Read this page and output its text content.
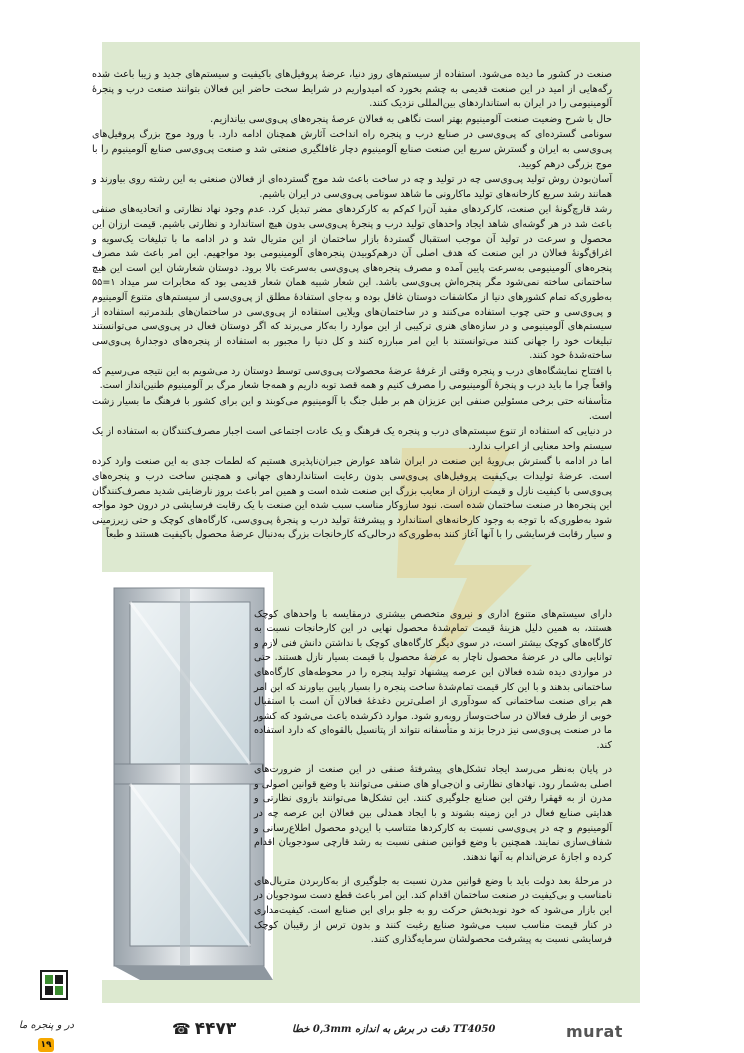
صنعت در کشور ما دیده می‌شود. استفاده از سیستم‌های روز دنیا، عرضهٔ پروفیل‌های باکیفیت و سیستم‌های جدید و زیبا باعث شده رگه‌هایی از امید در این صنعت قدیمی به چشم بخورد که امیدواریم در شرایط سخت حاضر این فعالان بتوانند صنعت درب و پنجرهٔ آلومینیومی را در ایران به استانداردهای بین‌المللی نزدیک کنند.

حال با شرح وضعیت صنعت آلومینیوم بهتر است نگاهی به فعالان عرصهٔ پنجره‌های پی‌وی‌سی بیاندازیم.

سونامی گسترده‌ای که پی‌وی‌سی در صنایع درب و پنجره راه انداخت آثارش همچنان ادامه دارد. با ورود موج بزرگ پروفیل‌های پی‌وی‌سی به ایران و گسترش سریع این صنعت صنایع آلومینیوم دچار غافلگیری صنعتی شد و صنعت پی‌وی‌سی صنایع آلومینیوم را با موج بزرگی درهم کوبید.

آسان‌بودن روش تولید پی‌وی‌سی چه در تولید و چه در ساخت باعث شد موج گسترده‌ای از فعالان صنعتی به این رشته روی بیاورند و همانند رشد سریع کارخانه‌های تولید ماکارونی ما شاهد سونامی پی‌وی‌سی در ایران باشیم.

رشد قارچ‌گونهٔ این صنعت، کارکردهای مفید آن‌را کم‌کم به کارکردهای مضر تبدیل کرد. عدم وجود نهاد نظارتی و اتحادیه‌های صنفی باعث شد در هر گوشه‌ای شاهد ایجاد واحدهای تولید درب و پنجرهٔ پی‌وی‌سی بدون هیچ استاندارد و نظارتی باشیم. قیمت ارزان این محصول و سرعت در تولید آن موجب استقبال گستردهٔ بازار ساختمان از این متریال شد و در ادامه ما با تبلیغات یک‌سویه و اغراق‌گونهٔ فعالان در این صنعت که هدف اصلی آن درهم‌کوبیدن پنجره‌های آلومینیومی بود مواجهیم. این امر باعث شد مصرف پنجره‌های آلومینیومی به‌سرعت پایین آمده و مصرف پنجره‌های پی‌وی‌سی به‌سرعت بالا برود. دوستان شعارشان این است این هیچ ساختمانی ساخته نمی‌شود مگر پنجره‌اش پی‌وی‌سی باشد. این شعار شبیه همان شعار قدیمی بود که مخابرات سر میداد ۱=۵۵ به‌طوری‌که تمام کشورهای دنیا از مکاشفات دوستان غافل بوده و به‌جای استفادهٔ مطلق از پی‌وی‌سی از سیستم‌های متنوع آلومینیوم و پی‌وی‌سی و حتی چوب استفاده می‌کنند و در ساختمان‌های ویلایی استفاده از پی‌وی‌سی در ساختمان‌های بلندمرتبه استفاده از سیستم‌های آلومینیومی و در سازه‌های هنری ترکیبی از این موارد را به‌کار می‌برند که اگر دوستان فعال در پی‌وی‌سی می‌توانستند تبلیغات خود را جهانی کنند می‌توانستند با این امر مبارزه کنند و کل دنیا را مجبور به استفاده از پنجره‌های دوجدارهٔ پی‌وی‌سی ساخته‌شدهٔ خود کنند.

با افتتاح نمایشگاه‌های درب و پنجره وقتی از غرفهٔ عرضهٔ محصولات پی‌وی‌سی توسط دوستان رد می‌شویم به این نتیجه می‌رسیم که واقعاً چرا ما باید درب و پنجرهٔ آلومینیومی را مصرف کنیم و همه قصد توبه داریم و همه‌جا شعار مرگ بر آلومینیوم طنین‌انداز است.

متأسفانه حتی برخی مسئولین صنفی این عزیزان هم بر طبل جنگ با آلومینیوم می‌کوبند و این برای کشور با فرهنگ ما بسیار زشت است.

در دنیایی که استفاده از تنوع سیستم‌های درب و پنجره یک فرهنگ و یک عادت اجتماعی است اجبار مصرف‌کنندگان به استفاده از یک سیستم واحد معنایی از اعراب ندارد.

اما در ادامه با گسترش بی‌رویهٔ این صنعت در ایران شاهد عوارض جبران‌ناپذیری هستیم که لطمات جدی به این صنعت وارد کرده است. عرضهٔ تولیدات بی‌کیفیت پروفیل‌های پی‌وی‌سی بدون رعایت استانداردهای جهانی و همچنین ساخت درب و پنجره‌های پی‌وی‌سی با کیفیت نازل و قیمت ارزان از معایب بزرگ این صنعت شده است و همین امر باعث بروز نارضایتی شدید مصرف‌کنندگان این پنجره‌ها در صنعت ساختمان شده است. نبود سازوکار مناسب سبب شده این صنعت با یک رقابت فرسایشی در درون خود مواجه شود به‌طوری‌که با توجه به وجود کارخانه‌های استاندارد و پیشرفتهٔ تولید درب و پنجرهٔ پی‌وی‌سی، کارگاه‌های کوچک و حتی زیرزمینی و سیار رقابت فرسایشی را با آنها آغاز کنند به‌طوری‌که درحالی‌که کارخانجات بزرگ به‌دنبال عرضهٔ محصول باکیفیت هستند و طبعاً

دارای سیستم‌های متنوع اداری و نیروی متخصص بیشتری درمقایسه با واحدهای کوچک هستند، به همین دلیل هزینهٔ قیمت تمام‌شدهٔ محصول نهایی در این کارخانجات نسبت به کارگاه‌های کوچک بیشتر است، در سوی دیگر کارگاه‌های کوچک با نداشتن دانش فنی لازم و توانایی مالی در عرضهٔ محصول ناچار به عرضهٔ محصول با قیمت بسیار نازل هستند. حتی در مواردی دیده شده فعالان این عرصه پیشنهاد تولید پنجره را در محوطه‌های کارگاه‌های ساختمانی بدهند و با این کار قیمت تمام‌شدهٔ ساخت پنجره را بسیار پایین بیاورند که این امر هم برای صنعت ساختمانی که سودآوری از اصلی‌ترین دغدغهٔ فعالان آن است با استقبال خوبی از طرف فعالان در ساخت‌وساز روبه‌رو شود. موارد ذکرشده باعث می‌شود که کشور ما در صنعت پی‌وی‌سی نیز درجا بزند و متأسفانه نتواند از پتانسیل بالقوه‌ای که دارد استفاده کند.

در پایان به‌نظر می‌رسد ایجاد تشکل‌های پیشرفتهٔ صنفی در این صنعت از ضرورت‌های اصلی به‌شمار رود. نهادهای نظارتی و ان‌جی‌او های صنفی می‌توانند با وضع قوانین اصولی و مدرن از به قهقرا رفتن این صنایع جلوگیری کنند. این تشکل‌ها می‌توانند بازوی نظارتی و هدایتی صنایع فعال در این زمینه بشوند و با ایجاد همدلی بین فعالان این عرصه چه در آلومینیوم و چه در پی‌وی‌سی نسبت به کارکردها متناسب با این‌دو محصول اطلاع‌رسانی و شفاف‌سازی نمایند. همچنین با وضع قوانین صنفی نسبت به رشد قارچی سودجویان اقدام کرده و اجازهٔ عرض‌اندام به آنها ندهند.

در مرحلهٔ بعد دولت باید با وضع قوانین مدرن نسبت به جلوگیری از به‌کاربردن متریال‌های نامناسب و بی‌کیفیت در صنعت ساختمان اقدام کند. این امر باعث قطع دست سودجویان در این بازار می‌شود که خود نوید‌بخش حرکت رو به جلو برای این صنایع است. کیفیت‌مداری در کنار قیمت مناسب سبب می‌شود صنایع رغبت کنند و بدون ترس از رقیبان کوچک فرسایشی نسبت به پیشرفت محصولشان سرمایه‌گذاری کنند.

murat
TT4050 دقت در برش به اندازه 0,3mm خطا
☎ ۴۴۷۳
در و پنجره ما
۱۹
